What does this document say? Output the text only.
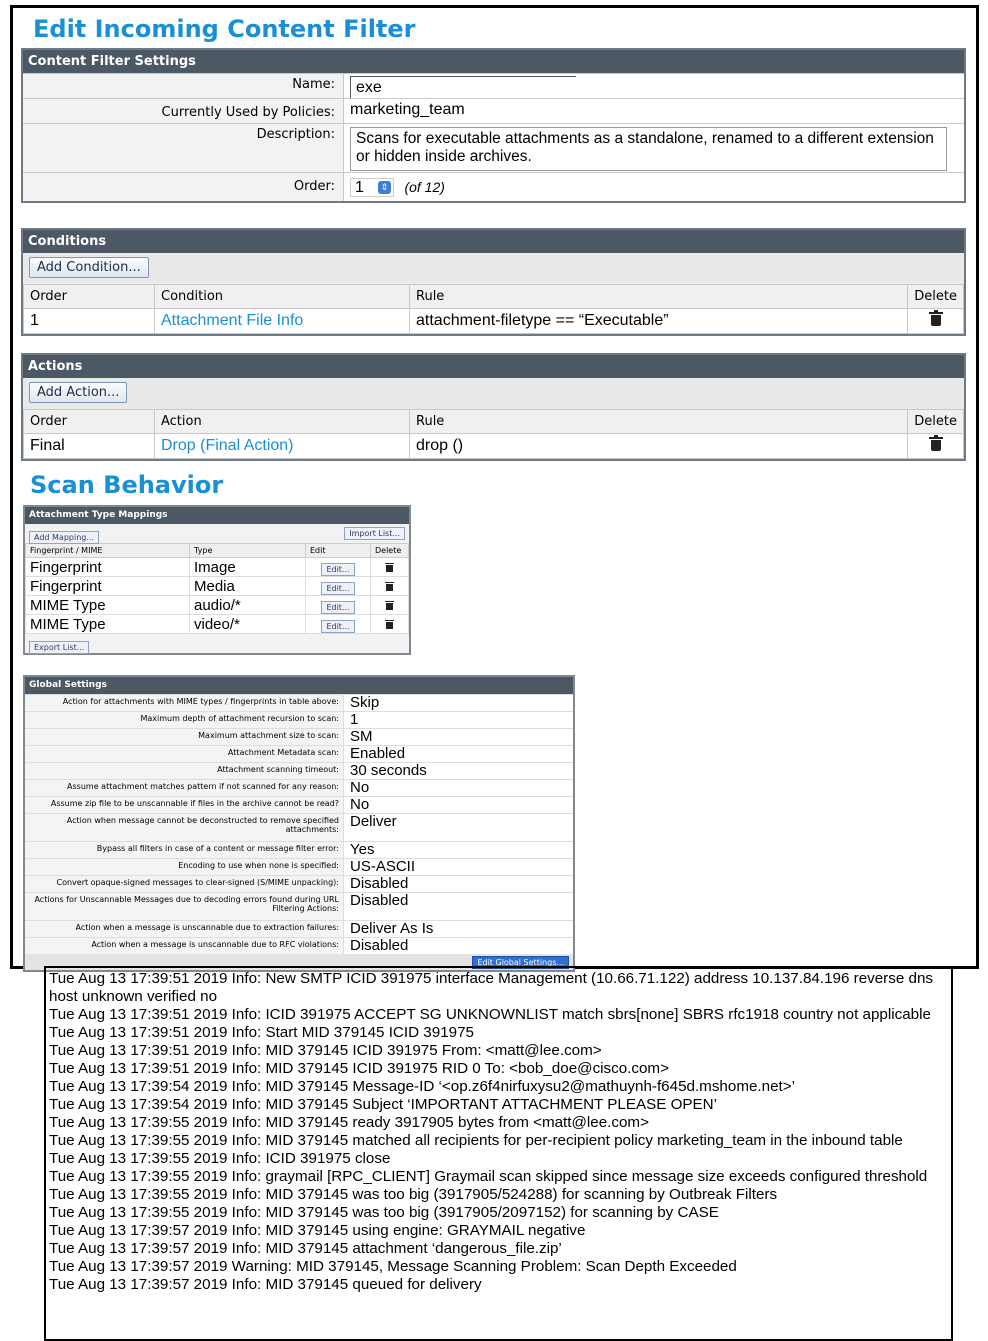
Edit Incoming Content Filter
Content Filter Settings
Name:	exe
Currently Used by Policies: marketing_team
Description:	Scans for executable attachments as a standalone, renamed to a different extension or hidden inside archives.
Order:	1	⇕ (of 12)
Conditions
Add Condition...
Order	Condition	Rule	Delete
1	Attachment File Info	attachment-filetype == “Executable”	
Actions
Add Action...
Order	Action	Rule	Delete
Final	Drop (Final Action)	drop ()	
Scan Behavior
Attachment Type Mappings
Add Mapping...	Import List...
Fingerprint / MIME	Type	Edit	Delete
Fingerprint	Image	Edit...	
Fingerprint	Media	Edit...	
MIME Type	audio/*	Edit...	
MIME Type	video/*	Edit...	
Export List...
Global Settings
Action for attachments with MIME types / fingerprints in table above: Skip
Maximum depth of attachment recursion to scan: 1
Maximum attachment size to scan: SM
Attachment Metadata scan: Enabled
Attachment scanning timeout: 30 seconds
Assume attachment matches pattern if not scanned for any reason: No
Assume zip file to be unscannable if files in the archive cannot be read? No
Action when message cannot be deconstructed to remove specified attachments: Deliver
Bypass all filters in case of a content or message filter error: Yes
Encoding to use when none is specified: US-ASCII
Convert opaque-signed messages to clear-signed (S/MIME unpacking): Disabled
Actions for Unscannable Messages due to decoding errors found during URL Filtering Actions: Disabled
Action when a message is unscannable due to extraction failures: Deliver As Is
Action when a message is unscannable due to RFC violations: Disabled
Edit Global Settings...
Tue Aug 13 17:39:51 2019 Info: New SMTP ICID 391975 interface Management (10.66.71.122) address 10.137.84.196 reverse dns host unknown verified no
Tue Aug 13 17:39:51 2019 Info: ICID 391975 ACCEPT SG UNKNOWNLIST match sbrs[none] SBRS rfc1918 country not applicable
Tue Aug 13 17:39:51 2019 Info: Start MID 379145 ICID 391975
Tue Aug 13 17:39:51 2019 Info: MID 379145 ICID 391975 From: <matt@lee.com>
Tue Aug 13 17:39:51 2019 Info: MID 379145 ICID 391975 RID 0 To: <bob_doe@cisco.com>
Tue Aug 13 17:39:54 2019 Info: MID 379145 Message-ID ‘<op.z6f4nirfuxysu2@mathuynh-f645d.mshome.net>’
Tue Aug 13 17:39:54 2019 Info: MID 379145 Subject ‘IMPORTANT ATTACHMENT PLEASE OPEN’
Tue Aug 13 17:39:55 2019 Info: MID 379145 ready 3917905 bytes from <matt@lee.com>
Tue Aug 13 17:39:55 2019 Info: MID 379145 matched all recipients for per-recipient policy marketing_team in the inbound table
Tue Aug 13 17:39:55 2019 Info: ICID 391975 close
Tue Aug 13 17:39:55 2019 Info: graymail [RPC_CLIENT] Graymail scan skipped since message size exceeds configured threshold
Tue Aug 13 17:39:55 2019 Info: MID 379145 was too big (3917905/524288) for scanning by Outbreak Filters
Tue Aug 13 17:39:55 2019 Info: MID 379145 was too big (3917905/2097152) for scanning by CASE
Tue Aug 13 17:39:57 2019 Info: MID 379145 using engine: GRAYMAIL negative
Tue Aug 13 17:39:57 2019 Info: MID 379145 attachment ‘dangerous_file.zip’
Tue Aug 13 17:39:57 2019 Warning: MID 379145, Message Scanning Problem: Scan Depth Exceeded
Tue Aug 13 17:39:57 2019 Info: MID 379145 queued for delivery
